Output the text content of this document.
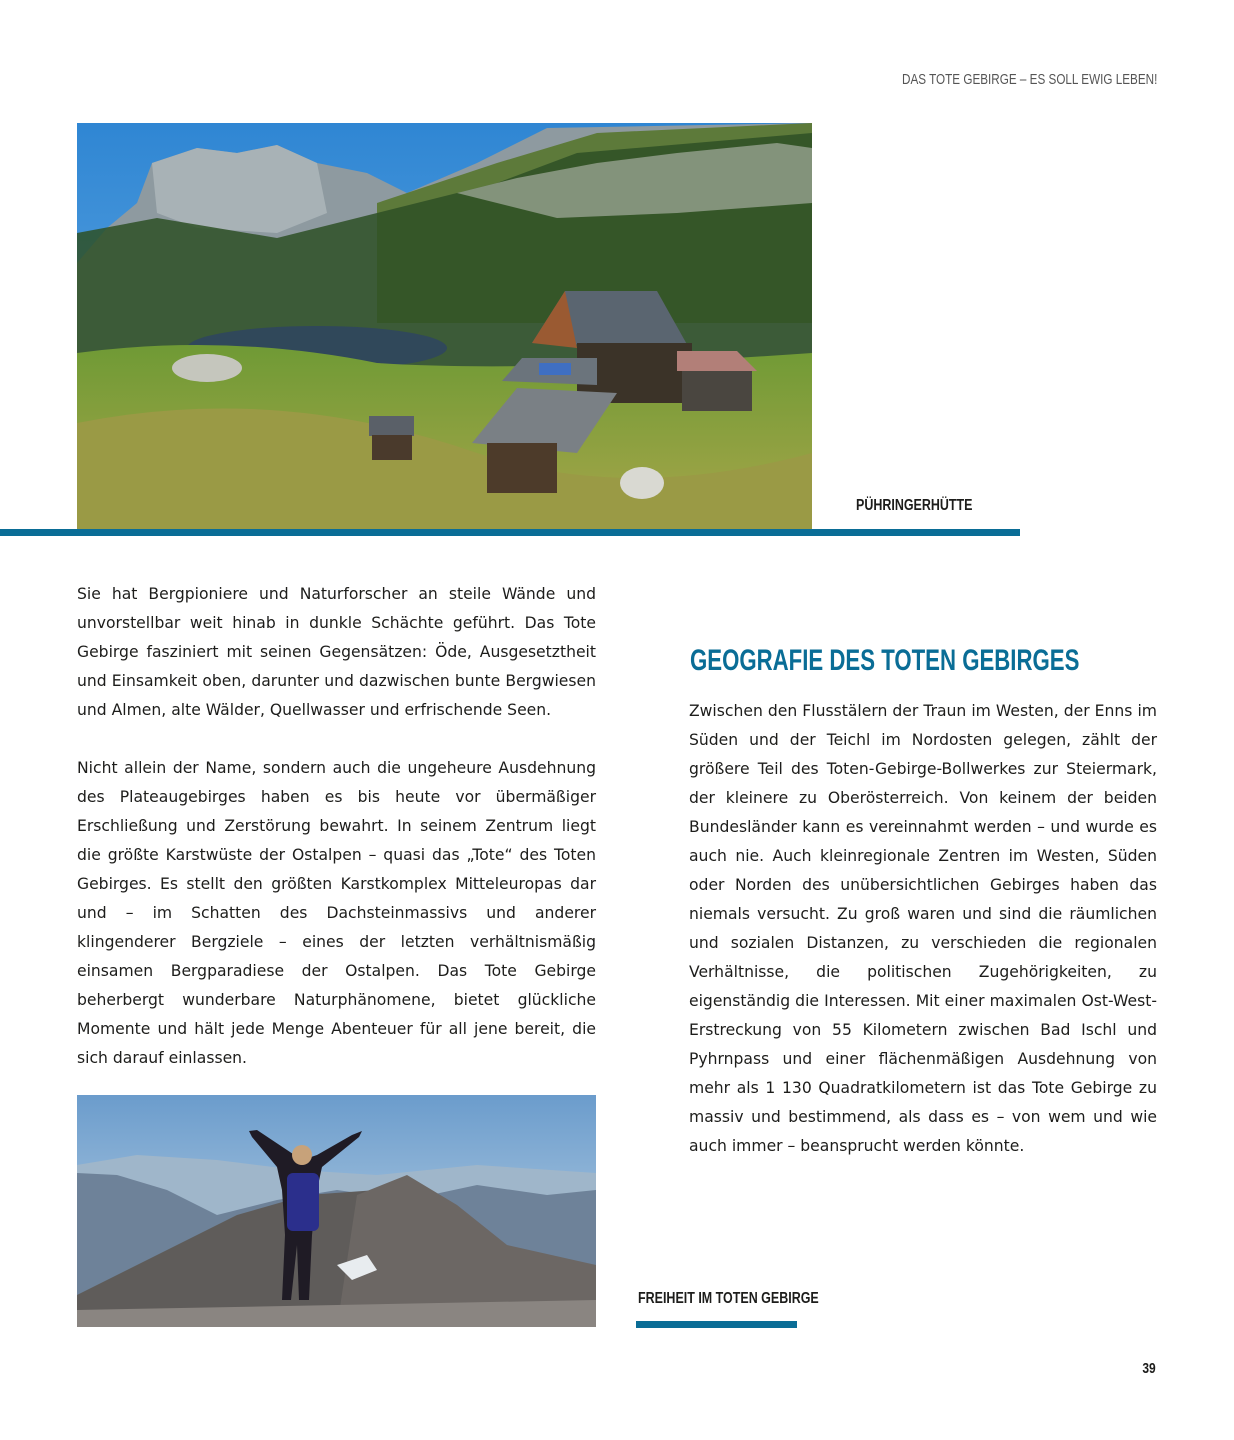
DAS TOTE GEBIRGE – ES SOLL EWIG LEBEN!
PÜHRINGERHÜTTE

Sie hat Bergpioniere und Naturforscher an steile Wände und unvorstellbar weit hinab in dunkle Schächte geführt. Das Tote Gebirge fasziniert mit seinen Gegensätzen: Öde, Ausgesetztheit und Einsamkeit oben, darunter und dazwischen bunte Bergwiesen und Almen, alte Wälder, Quellwasser und erfrischende Seen.

Nicht allein der Name, sondern auch die ungeheure Ausdehnung des Plateaugebirges haben es bis heute vor übermäßiger Erschließung und Zerstörung bewahrt. In seinem Zentrum liegt die größte Karstwüste der Ostalpen – quasi das „Tote“ des Toten Gebirges. Es stellt den größten Karstkomplex Mitteleuropas dar und – im Schatten des Dachsteinmassivs und anderer klingenderer Bergziele – eines der letzten verhältnismäßig einsamen Bergparadiese der Ostalpen. Das Tote Gebirge beherbergt wunderbare Naturphänomene, bietet glückliche Momente und hält jede Menge Abenteuer für all jene bereit, die sich darauf einlassen.

GEOGRAFIE DES TOTEN GEBIRGES

Zwischen den Flusstälern der Traun im Westen, der Enns im Süden und der Teichl im Nordosten gelegen, zählt der größere Teil des Toten-Gebirge-Bollwerkes zur Steiermark, der kleinere zu Oberösterreich. Von keinem der beiden Bundesländer kann es vereinnahmt werden – und wurde es auch nie. Auch kleinregionale Zentren im Westen, Süden oder Norden des unübersichtlichen Gebirges haben das niemals versucht. Zu groß waren und sind die räumlichen und sozialen Distanzen, zu verschieden die regionalen Verhältnisse, die politischen Zugehörigkeiten, zu eigenständig die Interessen. Mit einer maximalen Ost-West-Erstreckung von 55 Kilometern zwischen Bad Ischl und Pyhrnpass und einer flächenmäßigen Ausdehnung von mehr als 1 130 Quadratkilometern ist das Tote Gebirge zu massiv und bestimmend, als dass es – von wem und wie auch immer – beansprucht werden könnte.

FREIHEIT IM TOTEN GEBIRGE
39
